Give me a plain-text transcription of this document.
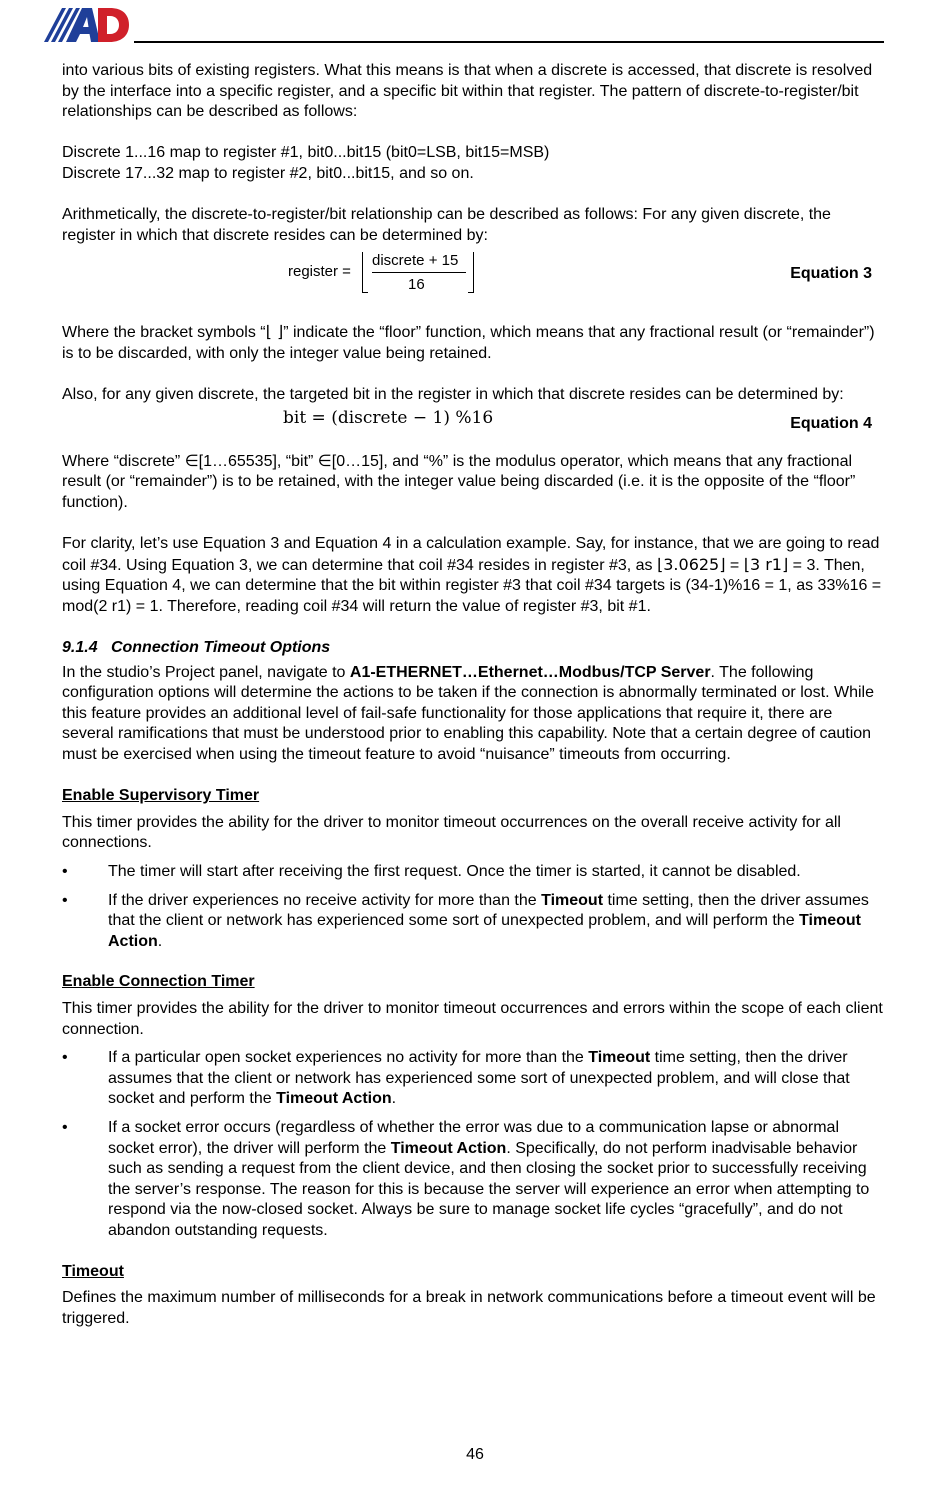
into various bits of existing registers. What this means is that when a discrete is accessed, that discrete is resolved by the interface into a specific register, and a specific bit within that register. The pattern of discrete-to-register/bit relationships can be described as follows:

Discrete 1...16 map to register #1, bit0...bit15 (bit0=LSB, bit15=MSB)
Discrete 17...32 map to register #2, bit0...bit15, and so on.

Arithmetically, the discrete-to-register/bit relationship can be described as follows: For any given discrete, the register in which that discrete resides can be determined by:

register =
discrete + 15
16
Equation 3

Where the bracket symbols “⌊ ⌋” indicate the “floor” function, which means that any fractional result (or “remainder”) is to be discarded, with only the integer value being retained.

Also, for any given discrete, the targeted bit in the register in which that discrete resides can be determined by:

bit = (discrete − 1) %16	Equation 4

Where “discrete” ∈[1…65535], “bit” ∈[0…15], and “%” is the modulus operator, which means that any fractional result (or “remainder”) is to be retained, with the integer value being discarded (i.e. it is the opposite of the “floor” function).

For clarity, let’s use Equation 3 and Equation 4 in a calculation example. Say, for instance, that we are going to read coil #34. Using Equation 3, we can determine that coil #34 resides in register #3, as ⌊3.0625⌋ = ⌊3 r1⌋ = 3. Then, using Equation 4, we can determine that the bit within register #3 that coil #34 targets is (34-1)%16 = 1, as 33%16 = mod(2 r1) = 1. Therefore, reading coil #34 will return the value of register #3, bit #1.

9.1.4 Connection Timeout Options

In the studio’s Project panel, navigate to A1-ETHERNET…Ethernet…Modbus/TCP Server. The following configuration options will determine the actions to be taken if the connection is abnormally terminated or lost. While this feature provides an additional level of fail-safe functionality for those applications that require it, there are several ramifications that must be understood prior to enabling this capability. Note that a certain degree of caution must be exercised when using the timeout feature to avoid “nuisance” timeouts from occurring.

Enable Supervisory Timer

This timer provides the ability for the driver to monitor timeout occurrences on the overall receive activity for all connections.

•	The timer will start after receiving the first request. Once the timer is started, it cannot be disabled.
•	If the driver experiences no receive activity for more than the Timeout time setting, then the driver assumes that the client or network has experienced some sort of unexpected problem, and will perform the Timeout Action.
Enable Connection Timer

This timer provides the ability for the driver to monitor timeout occurrences and errors within the scope of each client connection.

•	If a particular open socket experiences no activity for more than the Timeout time setting, then the driver assumes that the client or network has experienced some sort of unexpected problem, and will close that socket and perform the Timeout Action.
•	If a socket error occurs (regardless of whether the error was due to a communication lapse or abnormal socket error), the driver will perform the Timeout Action. Specifically, do not perform inadvisable behavior such as sending a request from the client device, and then closing the socket prior to successfully receiving the server’s response. The reason for this is because the server will experience an error when attempting to respond via the now-closed socket. Always be sure to manage socket life cycles “gracefully”, and do not abandon outstanding requests.
Timeout

Defines the maximum number of milliseconds for a break in network communications before a timeout event will be triggered.

46
